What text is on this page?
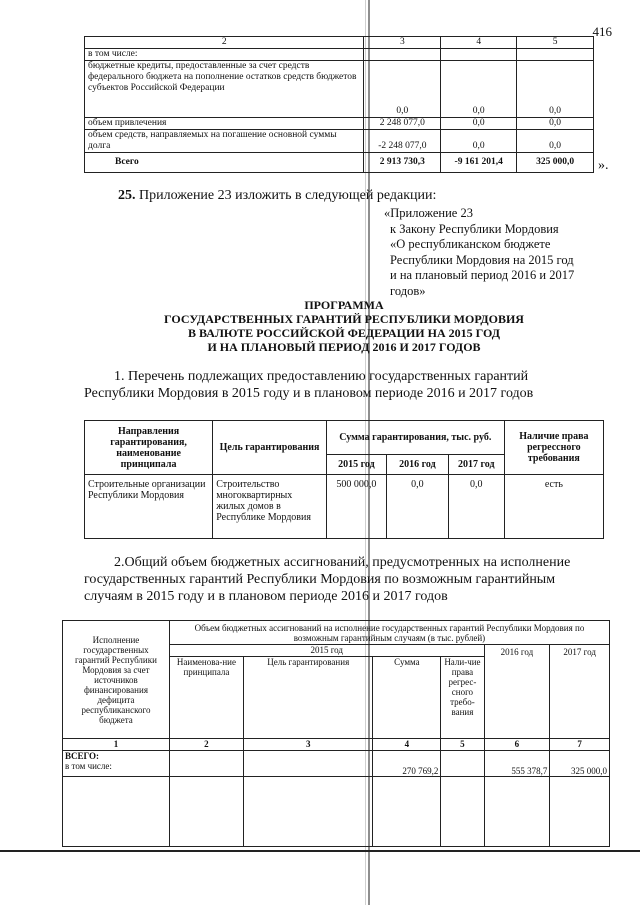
416
2	3	4	5
в том числе:			
бюджетные кредиты, предоставленные за счет средств федерального бюджета на пополнение остатков средств бюджетов субъектов Российской Федерации	0,0	0,0	0,0
объем привлечения	2 248 077,0	0,0	0,0
объем средств, направляемых на погашение основной суммы долга	-2 248 077,0	0,0	0,0
Всего	2 913 730,3	-9 161 201,4	325 000,0 ».
25. Приложение 23 изложить в следующей редакции:
«Приложение 23
к Закону Республики Мордовия
«О республиканском бюджете
Республики Мордовия на 2015 год
и на плановый период 2016 и 2017
годов»
ПРОГРАММА
ГОСУДАРСТВЕННЫХ ГАРАНТИЙ РЕСПУБЛИКИ МОРДОВИЯ
В ВАЛЮТЕ РОССИЙСКОЙ ФЕДЕРАЦИИ НА 2015 ГОД
И НА ПЛАНОВЫЙ ПЕРИОД 2016 И 2017 ГОДОВ
1. Перечень подлежащих предоставлению государственных гарантий
Республики Мордовия в 2015 году и в плановом периоде 2016 и 2017 годов
Направления гарантирования, наименование принципала	Цель гарантирования	Сумма гарантирования, тыс. руб.			Наличие права регрессного требования
		2015 год	2016 год	2017 год	
Строительные организации Республики Мордовия	Строительство многоквартирных жилых домов в Республике Мордовия	500 000,0	0,0	0,0	есть
2.Общий объем бюджетных ассигнований, предусмотренных на исполнение
государственных гарантий Республики Мордовия по возможным гарантийным
случаям в 2015 году и в плановом периоде 2016 и 2017 годов
Исполнение государственных гарантий Республики Мордовия за счет источников финансирования дефицита республиканского бюджета	Объем бюджетных ассигнований на исполнение государственных гарантий Республики Мордовия по возможным гарантийным случаям (в тыс. рублей)					
	2015 год				2016 год	2017 год
	Наименова-ние принципала	Цель гарантирования	Сумма	Нали-чие права регрес-сного требо-вания		
1	2	3	4	5	6	7

ВСЕГО:
в том числе:			270 769,2		555 378,7	325 000,0
